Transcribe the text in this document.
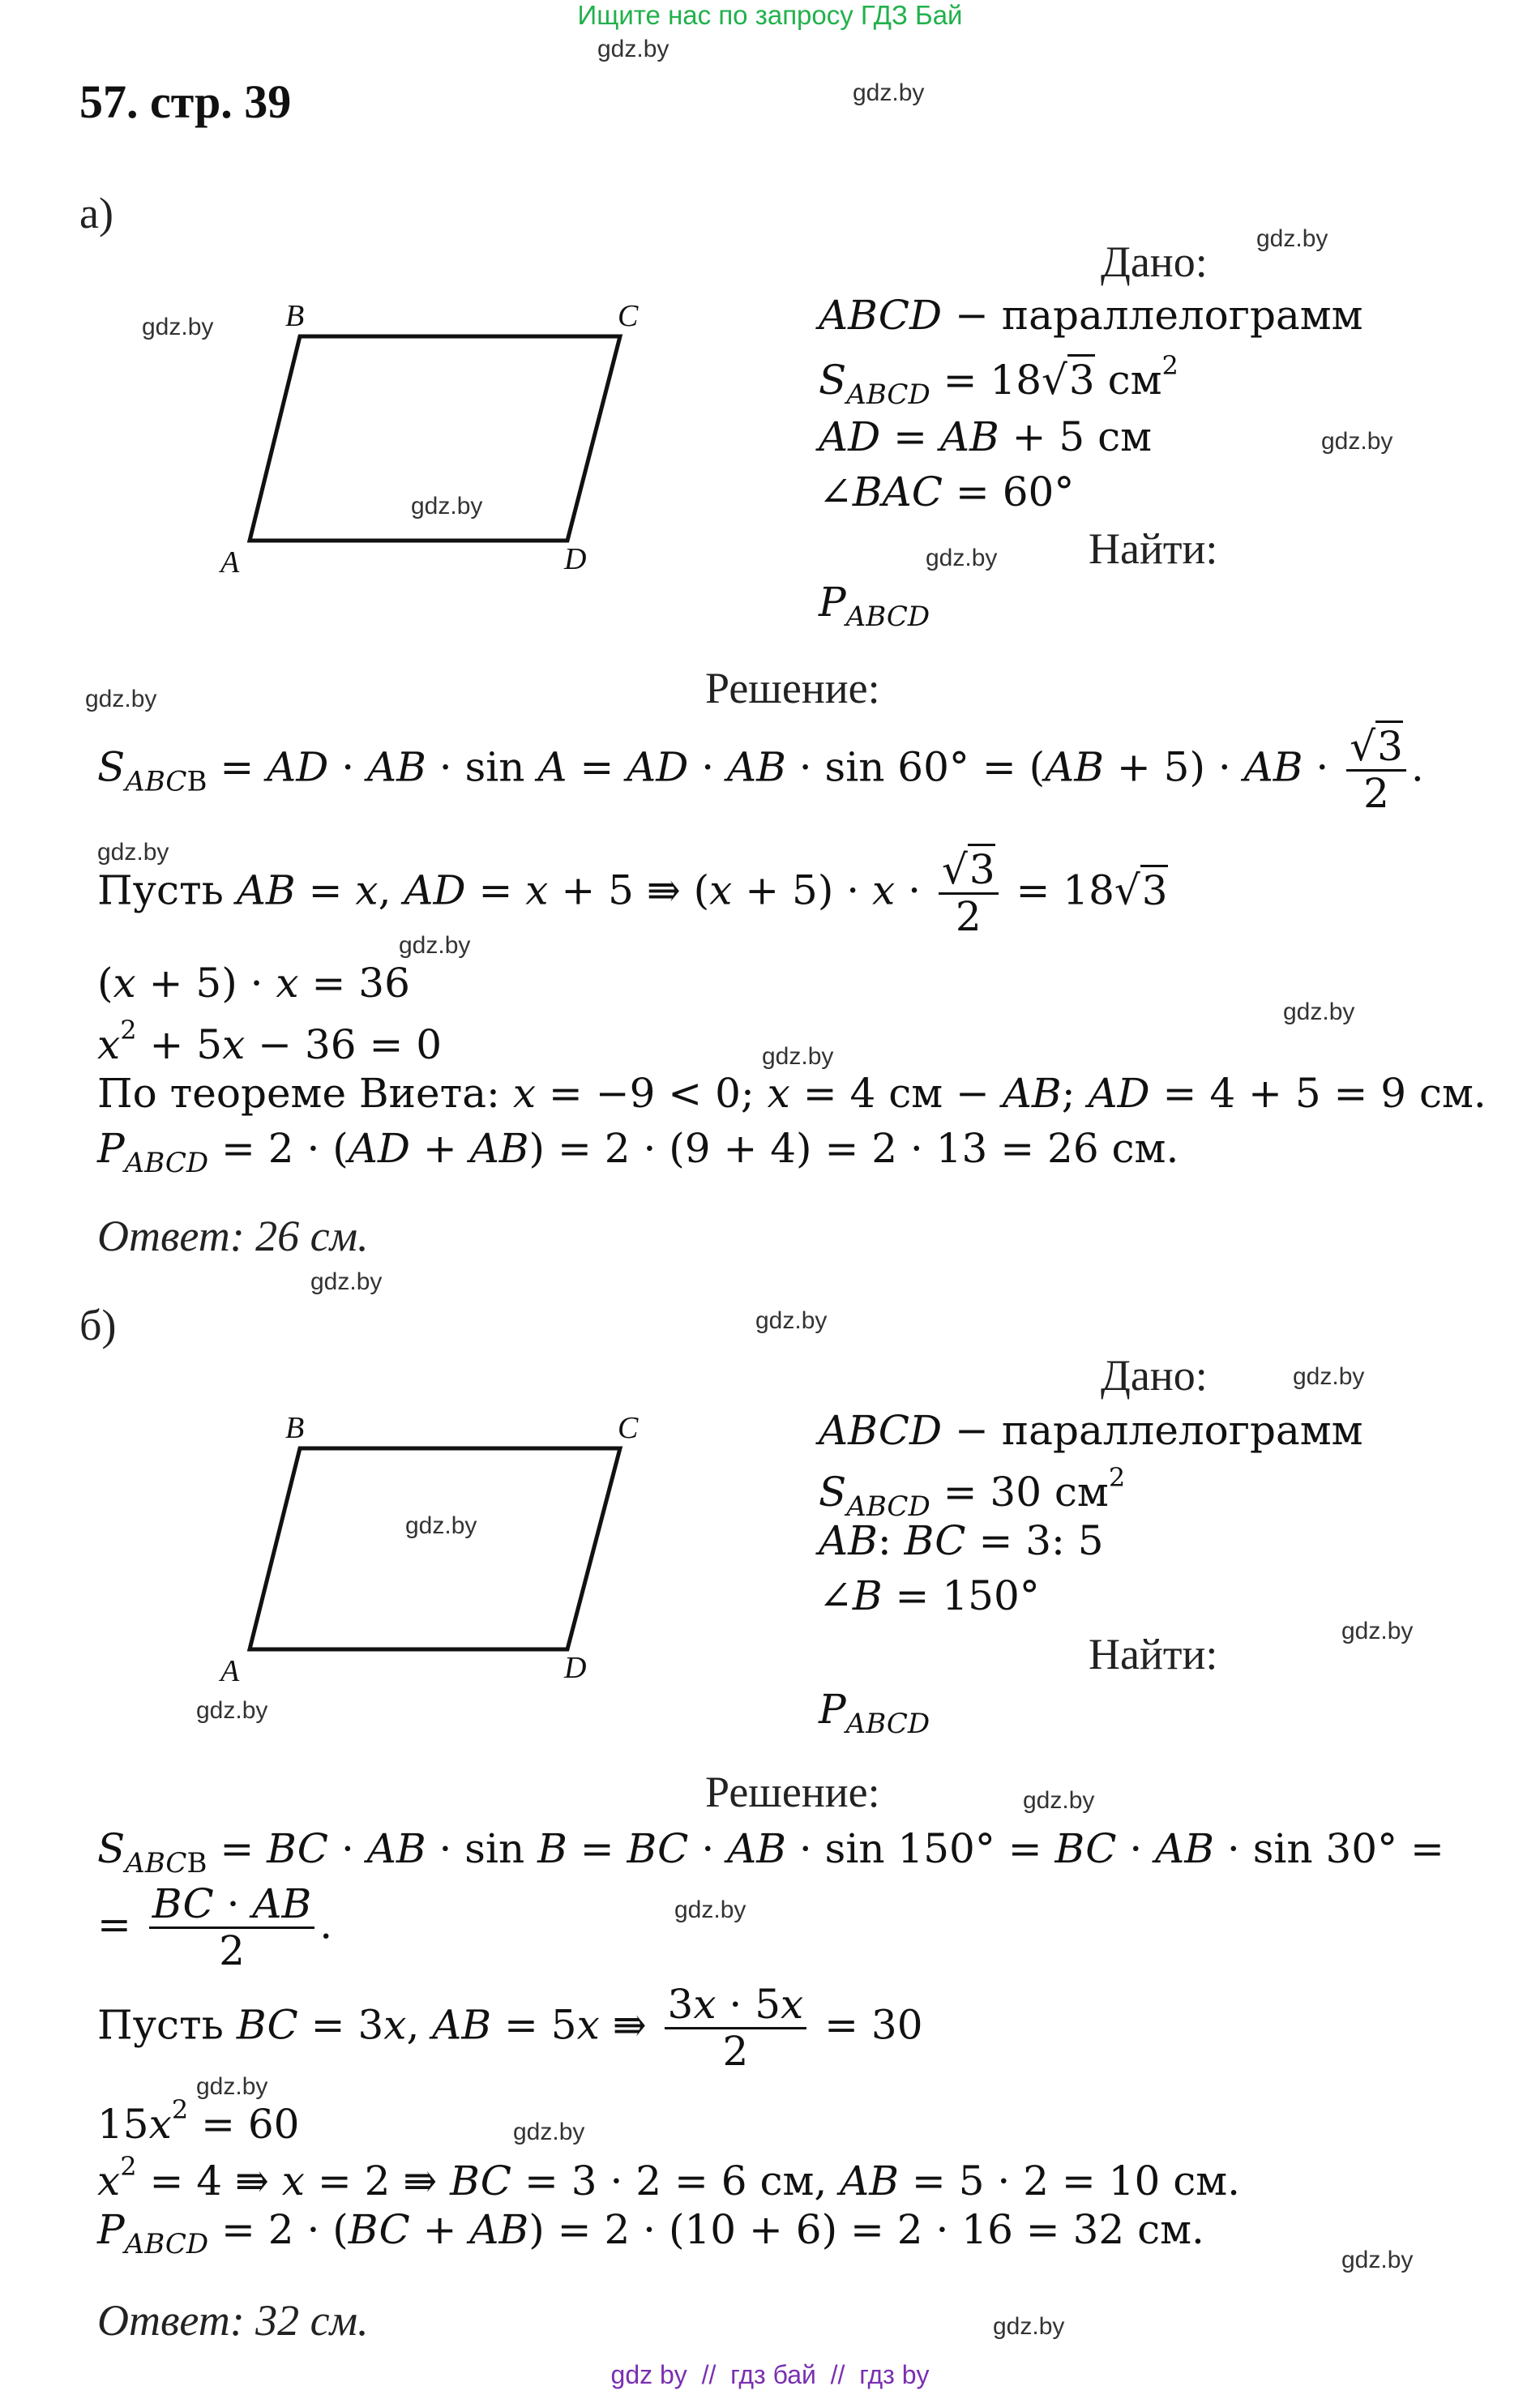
Ищите нас по запросу ГДЗ Бай
gdz.by
gdz.by
57. стр. 39
а)
gdz.by
gdz.by B	C
A	D
gdz.by
Дано:
ABCD − параллелограмм
$S_{ABCD} = 18√3$ $см^2$
AD = AB + 5 см	gdz.by
∠BAC = 60°
Найти:
gdz.by
$P_{ABCD}$
Решение:
gdz.by
$S_{ABCВ}$ = AD · AB · sin A = AD · AB · sin 60° = (AB + 5) · AB · $\frac{√3}{2}$ .
gdz.by
Пусть AB = x, AD = x + 5 ⇛ $(x + 5) \cdot x \cdot \frac{√3}{2} = 18√3$
gdz.by
(x + 5) · x = 36
gdz.by
$x^2 + 5x - 36 = 0$	gdz.by
По теореме Виета: x = −9 < 0; x = 4 см − AB; AD = 4 + 5 = 9 см.
$P_{ABCD} = 2 \cdot (AD + AB) = 2 \cdot (9 + 4) = 2 \cdot 13 = 26$ см.
Ответ: 26 см.
gdz.by
б)	gdz.by
Дано:	gdz.by
B	C
A	D
gdz.by
gdz.by
ABCD − параллелограмм
$S_{ABCD} = 30$ $см^2$
AB: BC = 3: 5
∠B = 150°
gdz.by
Найти:
$P_{ABCD}$
Решение:	gdz.by
$S_{ABCВ}$ = BC · AB · sin B = BC · AB · sin 150° = BC · AB · sin 30° =
= $\frac{BC \cdot AB}{2}$ .	gdz.by
Пусть BC = 3x, AB = 5x ⇛ $\frac{3x \cdot 5x}{2} = 30$
gdz.by
$15x^2 = 60$	gdz.by
$x^2 = 4$ ⇛ x = 2 ⇛ BC = 3 · 2 = 6 см, AB = 5 · 2 = 10 см.
$P_{ABCD} = 2 \cdot (BC + AB) = 2 \cdot (10 + 6) = 2 \cdot 16 = 32$ см.
gdz.by
Ответ: 32 см.	gdz.by
gdz by  //  гдз бай  //  гдз by
